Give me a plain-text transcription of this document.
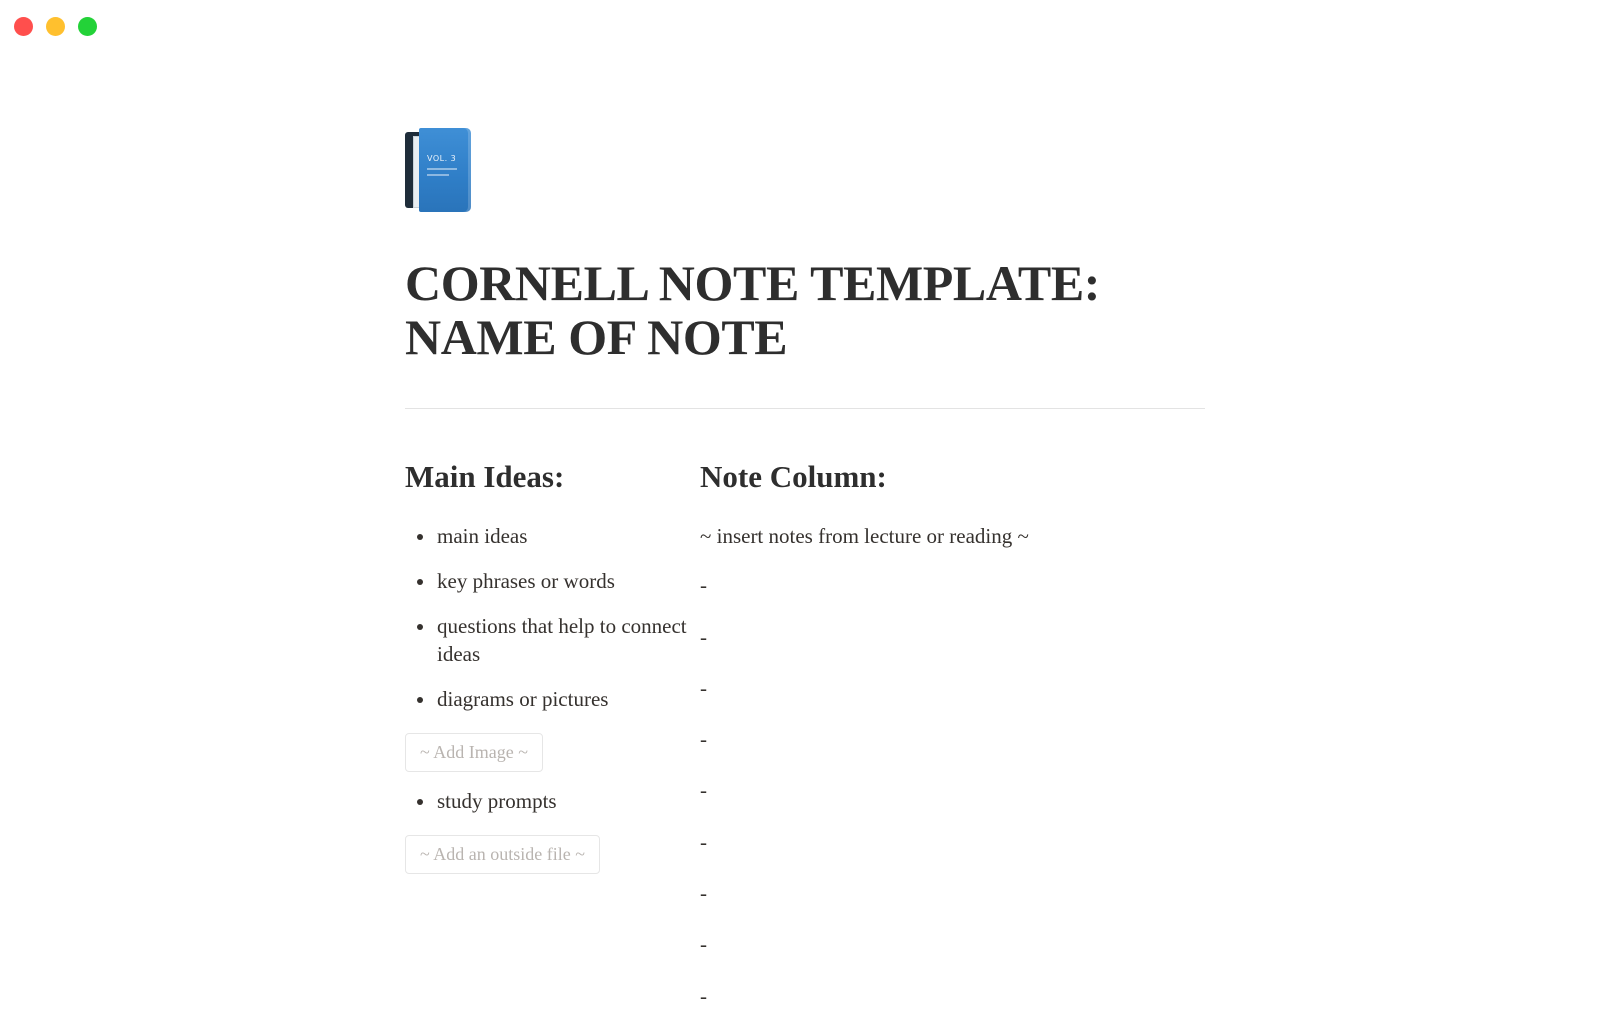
VOL. 3
CORNELL NOTE TEMPLATE: NAME OF NOTE
Main Ideas:
main ideas
key phrases or words
questions that help to connect ideas
diagrams or pictures
~ Add Image ~
study prompts
~ Add an outside file ~
Note Column:

~ insert notes from lecture or reading ~

-

-

-

-

-

-

-

-

-
